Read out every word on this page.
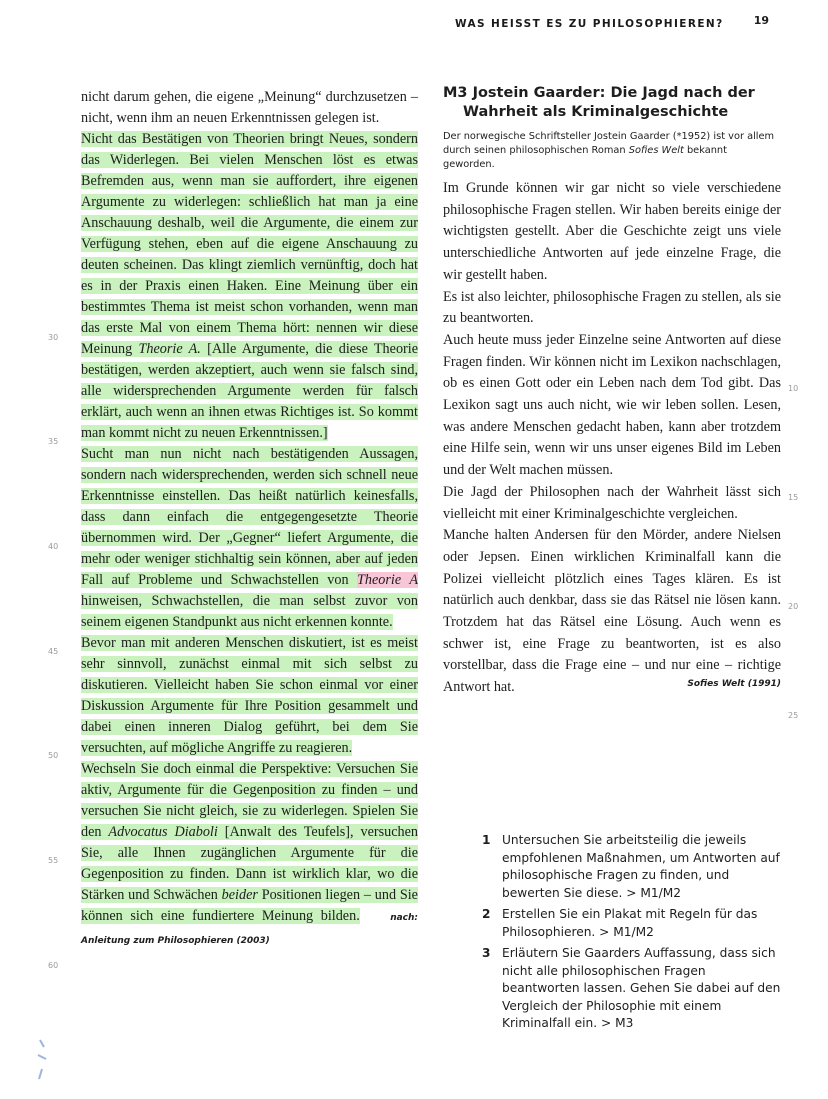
WAS HEISST ES ZU PHILOSOPHIEREN?	19
30
35
40
45
50
55
60

nicht darum gehen, die eigene „Meinung“ durchzusetzen – nicht, wenn ihm an neuen Erkenntnissen gelegen ist.

Nicht das Bestätigen von Theorien bringt Neues, sondern das Widerlegen. Bei vielen Menschen löst es etwas Befremden aus, wenn man sie auffordert, ihre eigenen Argumente zu widerlegen: schließlich hat man ja eine Anschauung deshalb, weil die Argumente, die einem zur Verfügung stehen, eben auf die eigene Anschauung zu deuten scheinen. Das klingt ziemlich vernünftig, doch hat es in der Praxis einen Haken. Eine Meinung über ein bestimmtes Thema ist meist schon vorhanden, wenn man das erste Mal von einem Thema hört: nennen wir diese Meinung Theorie A. [Alle Argumente, die diese Theorie bestätigen, werden akzeptiert, auch wenn sie falsch sind, alle widersprechenden Argumente werden für falsch erklärt, auch wenn an ihnen etwas Richtiges ist. So kommt man kommt nicht zu neuen Erkenntnissen.]

Sucht man nun nicht nach bestätigenden Aussagen, sondern nach widersprechenden, werden sich schnell neue Erkenntnisse einstellen. Das heißt natürlich keinesfalls, dass dann einfach die entgegengesetzte Theorie übernommen wird. Der „Gegner“ liefert Argumente, die mehr oder weniger stichhaltig sein können, aber auf jeden Fall auf Probleme und Schwachstellen von Theorie A hinweisen, Schwachstellen, die man selbst zuvor von seinem eigenen Standpunkt aus nicht erkennen konnte.

Bevor man mit anderen Menschen diskutiert, ist es meist sehr sinnvoll, zunächst einmal mit sich selbst zu diskutieren. Vielleicht haben Sie schon einmal vor einer Diskussion Argumente für Ihre Position gesammelt und dabei einen inneren Dialog geführt, bei dem Sie versuchten, auf mögliche Angriffe zu reagieren.

Wechseln Sie doch einmal die Perspektive: Versuchen Sie aktiv, Argumente für die Gegenposition zu finden – und versuchen Sie nicht gleich, sie zu widerlegen. Spielen Sie den Advocatus Diaboli [Anwalt des Teufels], versuchen Sie, alle Ihnen zugänglichen Argumente für die Gegenposition zu finden. Dann ist wirklich klar, wo die Stärken und Schwächen beider Positionen liegen – und Sie können sich eine fundiertere Meinung bilden.	nach: Anleitung zum Philosophieren (2003)

M3 Jostein Gaarder: Die Jagd nach der
Wahrheit als Kriminalgeschichte
Der norwegische Schriftsteller Jostein Gaarder (*1952) ist vor allem durch seinen philosophischen Roman Sofies Welt bekannt geworden.

Im Grunde können wir gar nicht so viele verschiedene philosophische Fragen stellen. Wir haben bereits einige der wichtigsten gestellt. Aber die Geschichte zeigt uns viele unterschiedliche Antworten auf jede einzelne Frage, die wir gestellt haben.

Es ist also leichter, philosophische Fragen zu stellen, als sie zu beantworten.

Auch heute muss jeder Einzelne seine Antworten auf diese Fragen finden. Wir können nicht im Lexikon nachschlagen, ob es einen Gott oder ein Leben nach dem Tod gibt. Das Lexikon sagt uns auch nicht, wie wir leben sollen. Lesen, was andere Menschen gedacht haben, kann aber trotzdem eine Hilfe sein, wenn wir uns unser eigenes Bild im Leben und der Welt machen müssen.

Die Jagd der Philosophen nach der Wahrheit lässt sich vielleicht mit einer Kriminalgeschichte vergleichen.

Manche halten Andersen für den Mörder, andere Nielsen oder Jepsen. Einen wirklichen Kriminalfall kann die Polizei vielleicht plötzlich eines Tages klären. Es ist natürlich auch denkbar, dass sie das Rätsel nie lösen kann. Trotzdem hat das Rätsel eine Lösung. Auch wenn es schwer ist, eine Frage zu beantworten, ist es also vorstellbar, dass die Frage eine – und nur eine – richtige Antwort hat.	Sofies Welt (1991)
10
15
20
25
1 Untersuchen Sie arbeitsteilig die jeweils empfohlenen Maßnahmen, um Antworten auf philosophische Fragen zu finden, und bewerten Sie diese. > M1/M2
2 Erstellen Sie ein Plakat mit Regeln für das Philosophieren. > M1/M2
3 Erläutern Sie Gaarders Auffassung, dass sich nicht alle philosophischen Fragen beantworten lassen. Gehen Sie dabei auf den Vergleich der Philosophie mit einem Kriminalfall ein. > M3
